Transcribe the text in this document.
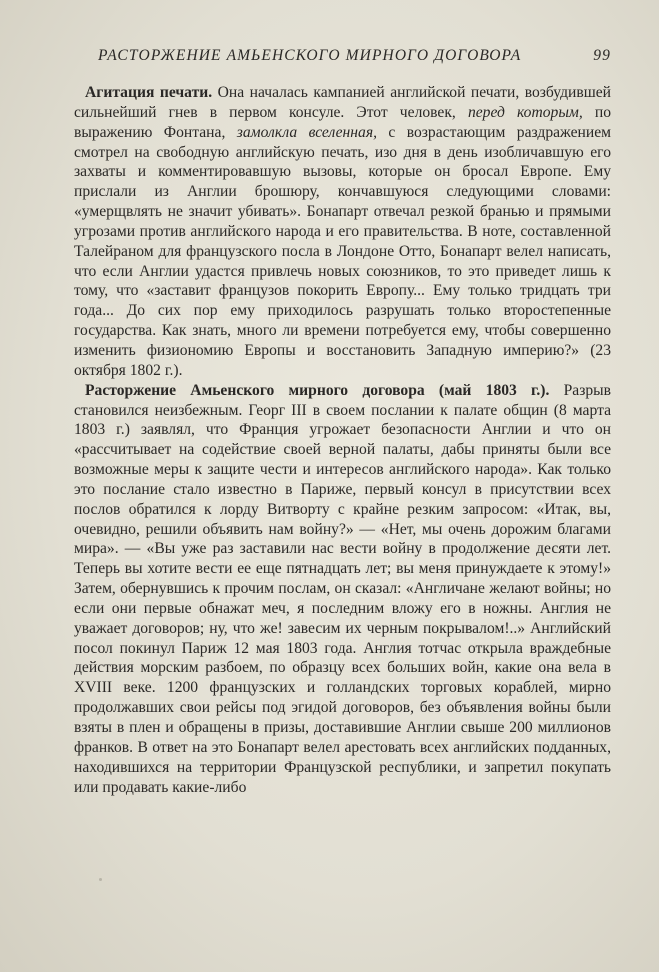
РАСТОРЖЕНИЕ АМЬЕНСКОГО МИРНОГО ДОГОВОРА	99

Агитация печати. Она началась кампанией английской печати, возбудившей сильнейший гнев в первом консуле. Этот человек, перед которым, по выражению Фонтана, замолкла вселенная, с возрастающим раздражением смотрел на свободную английскую печать, изо дня в день изобличавшую его захваты и комментировавшую вызовы, которые он бросал Европе. Ему прислали из Англии брошюру, кончавшуюся следующими словами: «умерщвлять не значит убивать». Бонапарт отвечал резкой бранью и прямыми угрозами против английского народа и его правительства. В ноте, составленной Талейраном для французского посла в Лондоне Отто, Бонапарт велел написать, что если Англии удастся привлечь новых союзников, то это приведет лишь к тому, что «заставит французов покорить Европу... Ему только тридцать три года... До сих пор ему приходилось разрушать только второстепенные государства. Как знать, много ли времени потребуется ему, чтобы совершенно изменить физиономию Европы и восстановить Западную империю?» (23 октября 1802 г.).

Расторжение Амьенского мирного договора (май 1803 г.). Разрыв становился неизбежным. Георг III в своем послании к палате общин (8 марта 1803 г.) заявлял, что Франция угрожает безопасности Англии и что он «рассчитывает на содействие своей верной палаты, дабы приняты были все возможные меры к защите чести и интересов английского народа». Как только это послание стало известно в Париже, первый консул в присутствии всех послов обратился к лорду Витворту с крайне резким запросом: «Итак, вы, очевидно, решили объявить нам войну?» — «Нет, мы очень дорожим благами мира». — «Вы уже раз заставили нас вести войну в продолжение десяти лет. Теперь вы хотите вести ее еще пятнадцать лет; вы меня принуждаете к этому!» Затем, обернувшись к прочим послам, он сказал: «Англичане желают войны; но если они первые обнажат меч, я последним вложу его в ножны. Англия не уважает договоров; ну, что же! завесим их черным покрывалом!..» Английский посол покинул Париж 12 мая 1803 года. Англия тотчас открыла враждебные действия морским разбоем, по образцу всех больших войн, какие она вела в XVIII веке. 1200 французских и голландских торговых кораблей, мирно продолжавших свои рейсы под эгидой договоров, без объявления войны были взяты в плен и обращены в призы, доставившие Англии свыше 200 миллионов франков. В ответ на это Бонапарт велел арестовать всех английских подданных, находившихся на территории Французской республики, и запретил покупать или продавать какие-либо
